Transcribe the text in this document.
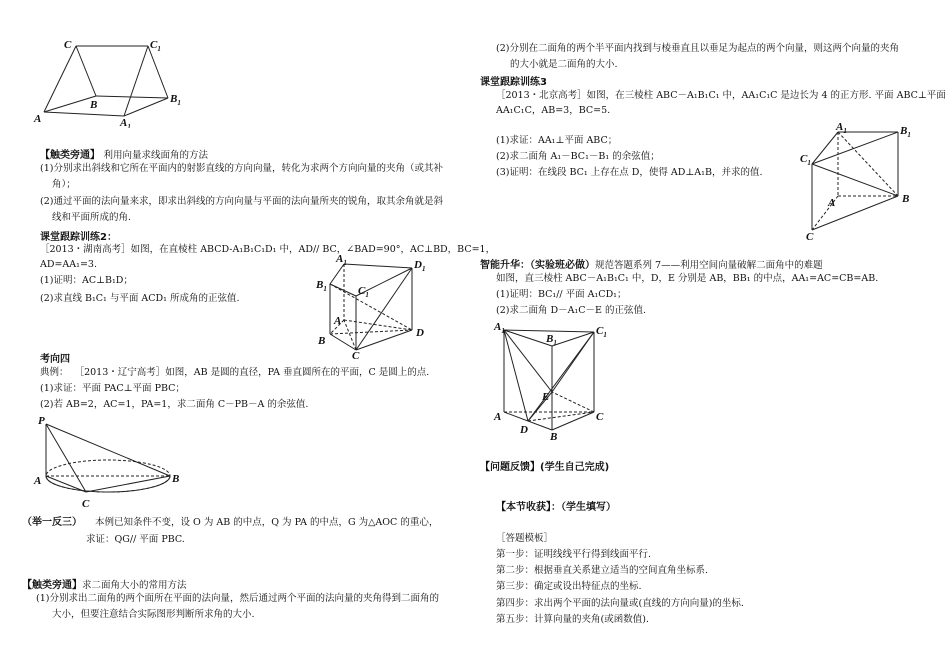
C	$C_1$
A
B	$B_1$
$A_1$
【触类旁通】 利用向量求线面角的方法
(1)分别求出斜线和它所在平面内的射影直线的方向向量，转化为求两个方向向量的夹角（或其补
角）；
(2)通过平面的法向量来求，即求出斜线的方向向量与平面的法向量所夹的锐角，取其余角就是斜
线和平面所成的角.
课堂跟踪训练2：
［2013・湖南高考］如图，在直棱柱 ABCD-A₁B₁C₁D₁ 中，AD// BC，∠BAD=90°，AC⊥BD，BC=1，
AD=AA₁=3.
(1)证明：AC⊥B₁D；
(2)求直线 B₁C₁ 与平面 ACD₁ 所成角的正弦值.
$A_1$	$D_1$
$B_1$	$C_1$
A
D
B
C
考向四
典例： ［2013・辽宁高考］如图，AB 是圆的直径，PA 垂直圆所在的平面，C 是圆上的点.
(1)求证：平面 PAC⊥平面 PBC；
(2)若 AB=2，AC=1，PA=1，求二面角 C－PB－A 的余弦值.
P
A	B
C
（举一反三） 本例已知条件不变，设 O 为 AB 的中点，Q 为 PA 的中点，G 为△AOC 的重心，
求证：QG// 平面 PBC.
【触类旁通】求二面角大小的常用方法
(1)分别求出二面角的两个面所在平面的法向量，然后通过两个平面的法向量的夹角得到二面角的
大小，但要注意结合实际图形判断所求角的大小.
(2)分别在二面角的两个半平面内找到与棱垂直且以垂足为起点的两个向量，则这两个向量的夹角
的大小就是二面角的大小.
课堂跟踪训练3
［2013・北京高考］如图，在三棱柱 ABC－A₁B₁C₁ 中，AA₁C₁C 是边长为 4 的正方形. 平面 ABC⊥平面
AA₁C₁C，AB=3，BC=5.
(1)求证：AA₁⊥平面 ABC；
(2)求二面角 A₁－BC₁－B₁ 的余弦值；
(3)证明：在线段 BC₁ 上存在点 D，使得 AD⊥A₁B，并求的值.
$A_1$	$B_1$
$C_1$
A	B
C
智能升华：（实验班必做）规范答题系列 7——利用空间向量破解二面角中的难题
如图，直三棱柱 ABC－A₁B₁C₁ 中，D，E 分别是 AB，BB₁ 的中点，AA₁=AC=CB=AB.
(1)证明：BC₁// 平面 A₁CD₁；
(2)求二面角 D－A₁C－E 的正弦值.
$A_1$	$C_1$
$B_1$
E
A	C
D
B
【问题反馈】(学生自己完成)
【本节收获】：（学生填写）
［答题模板］
第一步：证明线线平行得到线面平行.
第二步：根据垂直关系建立适当的空间直角坐标系.
第三步：确定或设出特征点的坐标.
第四步：求出两个平面的法向量或(直线的方向向量)的坐标.
第五步：计算向量的夹角(或函数值).
